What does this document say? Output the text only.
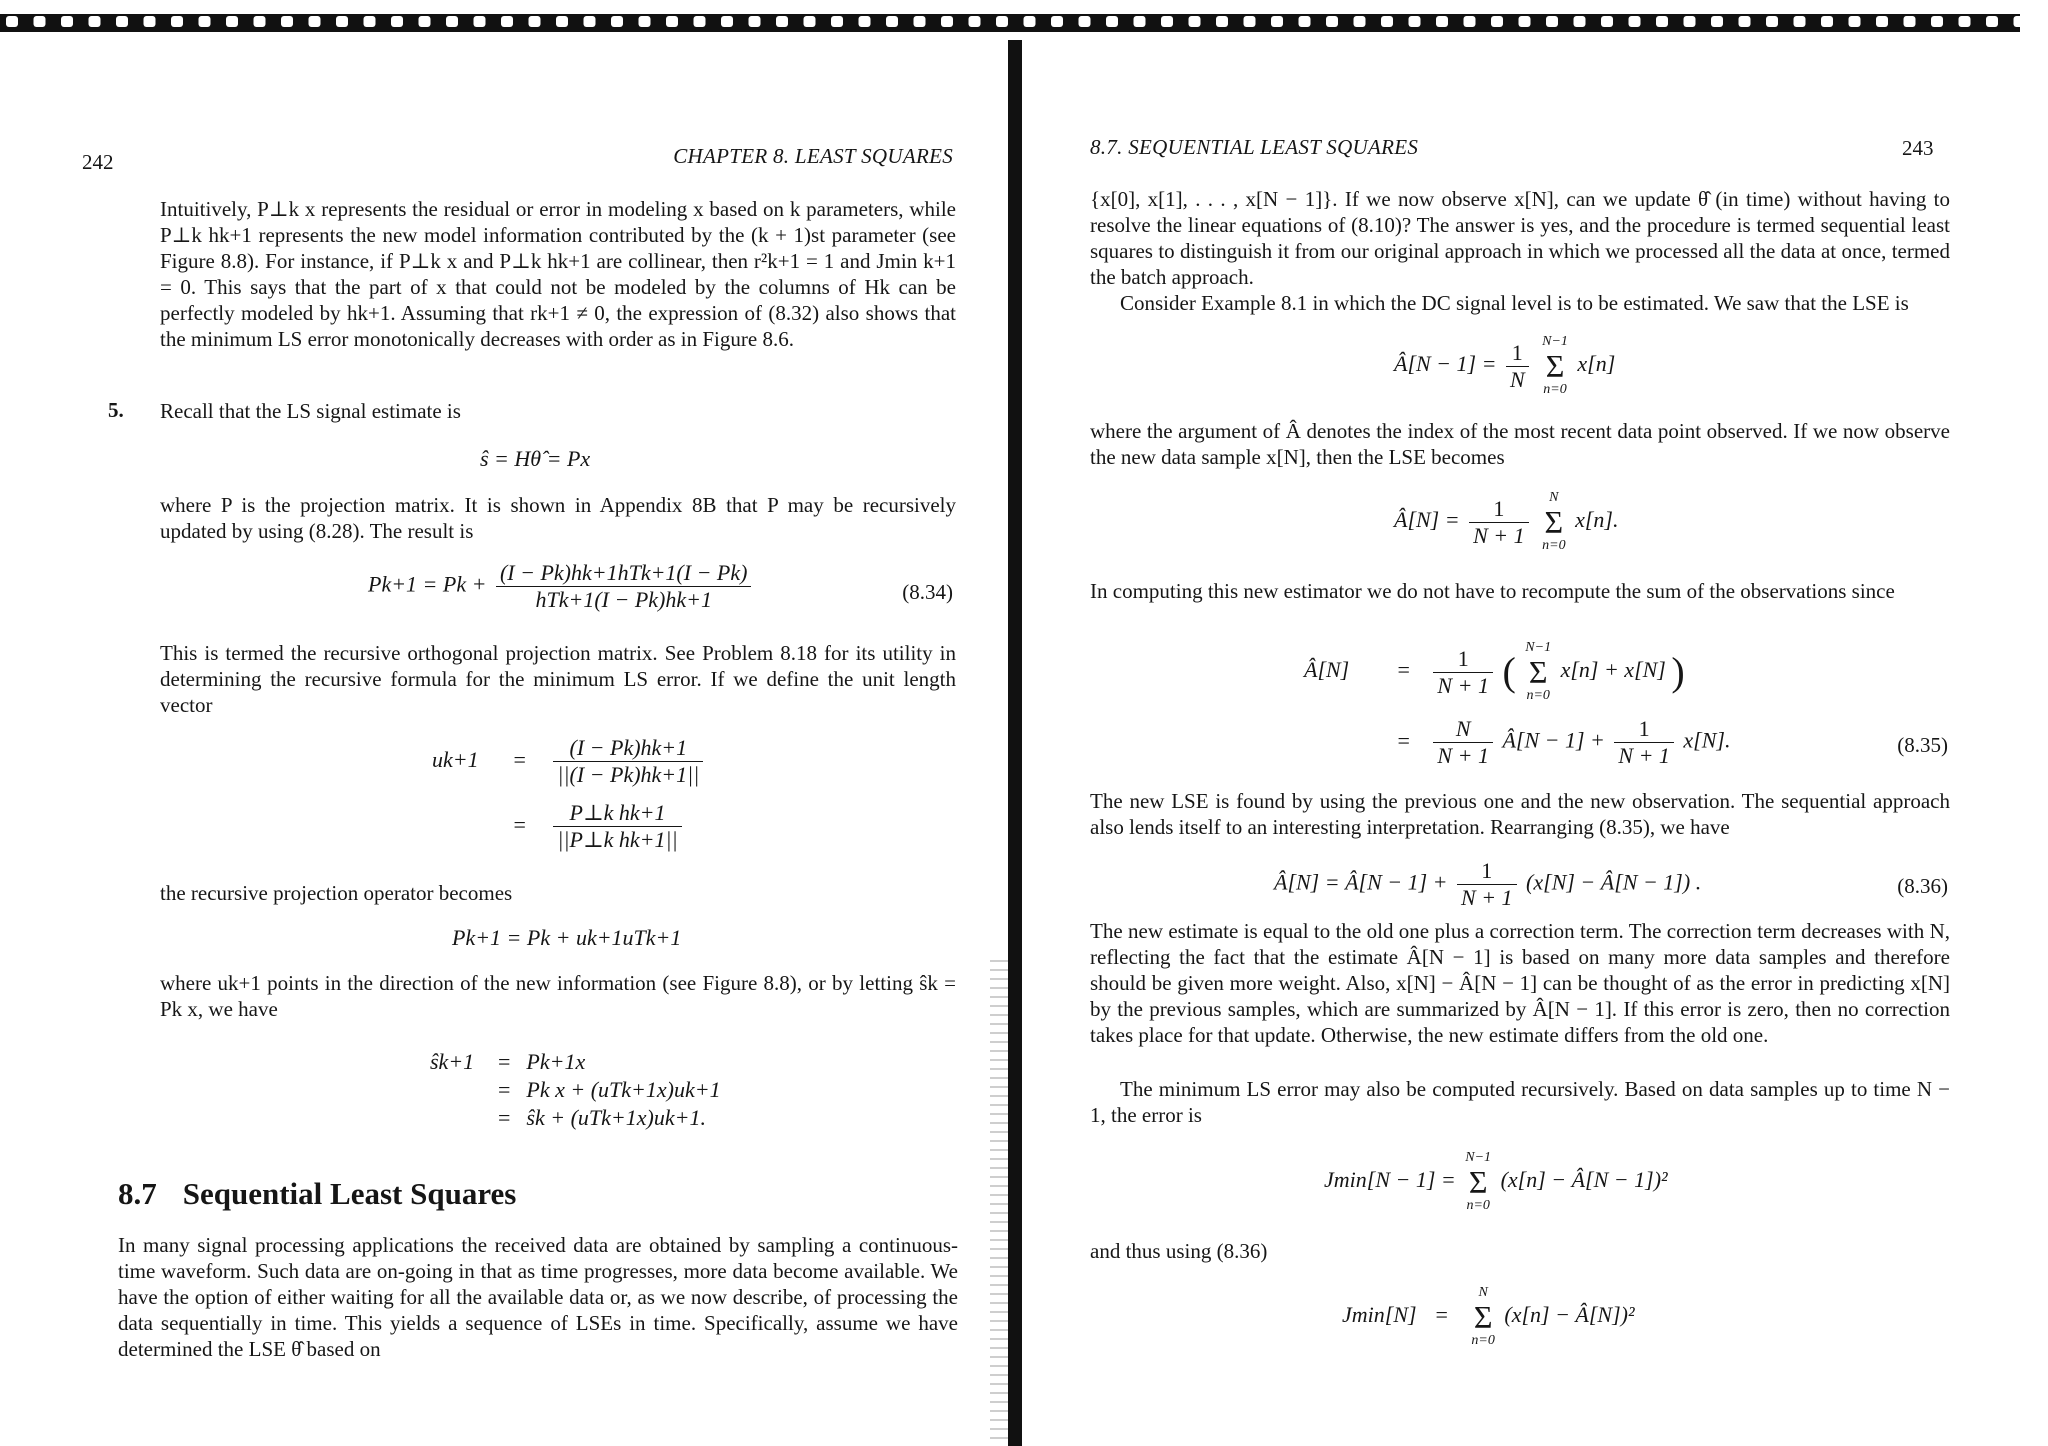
242	CHAPTER 8. LEAST SQUARES

Intuitively, P⊥k x represents the residual or error in modeling x based on k parameters, while P⊥k hk+1 represents the new model information contributed by the (k + 1)st parameter (see Figure 8.8). For instance, if P⊥k x and P⊥k hk+1 are collinear, then r²k+1 = 1 and Jmin k+1 = 0. This says that the part of x that could not be modeled by the columns of Hk can be perfectly modeled by hk+1. Assuming that rk+1 ≠ 0, the expression of (8.32) also shows that the minimum LS error monotonically decreases with order as in Figure 8.6.

5. Recall that the LS signal estimate is

ŝ = Hθ̂ = Px

where P is the projection matrix. It is shown in Appendix 8B that P may be recursively updated by using (8.28). The result is

$Pk+1 = Pk + \frac{\text{(I − Pk)hk+1hTk+1(I − Pk)}}{\text{hTk+1(I − Pk)hk+1}}$	(8.34)

This is termed the recursive orthogonal projection matrix. See Problem 8.18 for its utility in determining the recursive formula for the minimum LS error. If we define the unit length vector

$uk+1 = \frac{(I - Pk)hk+1}{||(I - Pk)hk+1||}$
= $\frac{\text{P⊥k hk+1}}{\text{||P⊥k hk+1||}}$

the recursive projection operator becomes

Pk+1 = Pk + uk+1uTk+1

where uk+1 points in the direction of the new information (see Figure 8.8), or by letting ŝk = Pk x, we have

ŝk+1 = Pk+1x
= Pk x + (uTk+1x)uk+1
= ŝk + (uTk+1x)uk+1.
8.7 Sequential Least Squares

In many signal processing applications the received data are obtained by sampling a continuous-time waveform. Such data are on-going in that as time progresses, more data become available. We have the option of either waiting for all the available data or, as we now describe, of processing the data sequentially in time. This yields a sequence of LSEs in time. Specifically, assume we have determined the LSE θ̂ based on

8.7. SEQUENTIAL LEAST SQUARES	243

{x[0], x[1], . . . , x[N − 1]}. If we now observe x[N], can we update θ̂ (in time) without having to resolve the linear equations of (8.10)? The answer is yes, and the procedure is termed sequential least squares to distinguish it from our original approach in which we processed all the data at once, termed the batch approach.

Consider Example 8.1 in which the DC signal level is to be estimated. We saw that the LSE is

Â[N − $1] = \frac{1}{N}$
N−1
Σ
n=0
x[n]

where the argument of Â denotes the index of the most recent data point observed. If we now observe the new data sample x[N], then the LSE becomes

Â[N] = $\frac{1}{N + 1}$
	N
Σ
n=0
x[n].

In computing this new estimator we do not have to recompute the sum of the observations since

Â[N] = $\frac{1}{N + 1}$ (
N−1
Σ
n=0
x[n] + x[N] )
= $\frac{N}{N + 1}$ Â[N − $1] + \frac{1}{N + 1} x[N]$.	(8.35)

The new LSE is found by using the previous one and the new observation. The sequential approach also lends itself to an interesting interpretation. Rearranging (8.35), we have

Â[N] = Â[N − $1] + \frac{1}{N + 1} (x[N]$ − Â[N − 1]) .	(8.36)

The new estimate is equal to the old one plus a correction term. The correction term decreases with N, reflecting the fact that the estimate Â[N − 1] is based on many more data samples and therefore should be given more weight. Also, x[N] − Â[N − 1] can be thought of as the error in predicting x[N] by the previous samples, which are summarized by Â[N − 1]. If this error is zero, then no correction takes place for that update. Otherwise, the new estimate differs from the old one.

The minimum LS error may also be computed recursively. Based on data samples up to time N − 1, the error is

Jmin[N − 1] =
N−1
Σ
n=0
(x[n] − Â[N − 1])²

and thus using (8.36)

Jmin[N] =
N
Σ
n=0
(x[n] − Â[N])²
